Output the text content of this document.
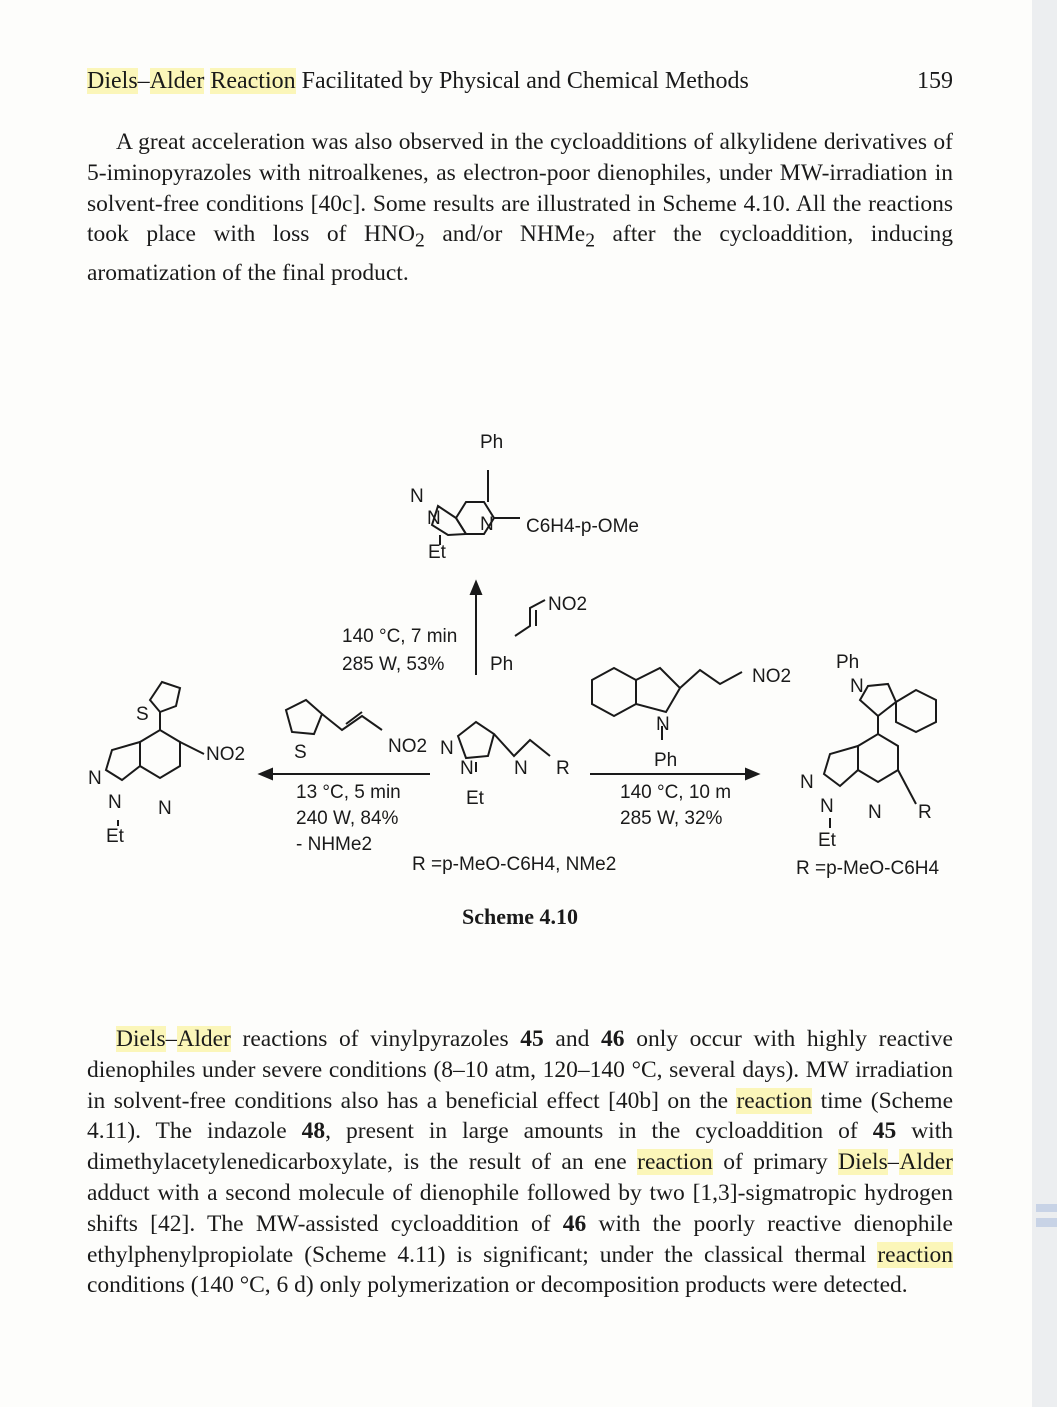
Diels–Alder Reaction Facilitated by Physical and Chemical Methods	159
A great acceleration was also observed in the cycloadditions of alkylidene derivatives of 5-iminopyrazoles with nitroalkenes, as electron-poor dienophiles, under MW-irradiation in solvent-free conditions [40c]. Some results are illustrated in Scheme 4.10. All the reactions took place with loss of $HNO_2$ and/or NHMe$_2$ after the cycloaddition, inducing aromatization of the final product.
Ph
N
N N
Et
C6H4-p-OMe
140 °C, 7 min
285 W, 53%
NO2
Ph
S	NO2
13 °C, 5 min
240 W, 84%
- NHMe2
N
N N R
Et
R =p-MeO-C6H4, NMe2
NO2
N
Ph
140 °C, 10 m
285 W, 32%
Ph
N
N
N N R
Et
R =p-MeO-C6H4
S
NO2
N
N N
Et
Scheme 4.10
Diels–Alder reactions of vinylpyrazoles 45 and 46 only occur with highly reactive dienophiles under severe conditions (8–10 atm, 120–140 °C, several days). MW irradiation in solvent-free conditions also has a beneficial effect [40b] on the reaction time (Scheme 4.11). The indazole 48, present in large amounts in the cycloaddition of 45 with dimethylacetylenedicarboxylate, is the result of an ene reaction of primary Diels–Alder adduct with a second molecule of dienophile followed by two [1,3]-sigmatropic hydrogen shifts [42]. The MW-assisted cycloaddition of 46 with the poorly reactive dienophile ethylphenylpropiolate (Scheme 4.11) is significant; under the classical thermal reaction conditions (140 °C, 6 d) only polymerization or decomposition products were detected.
